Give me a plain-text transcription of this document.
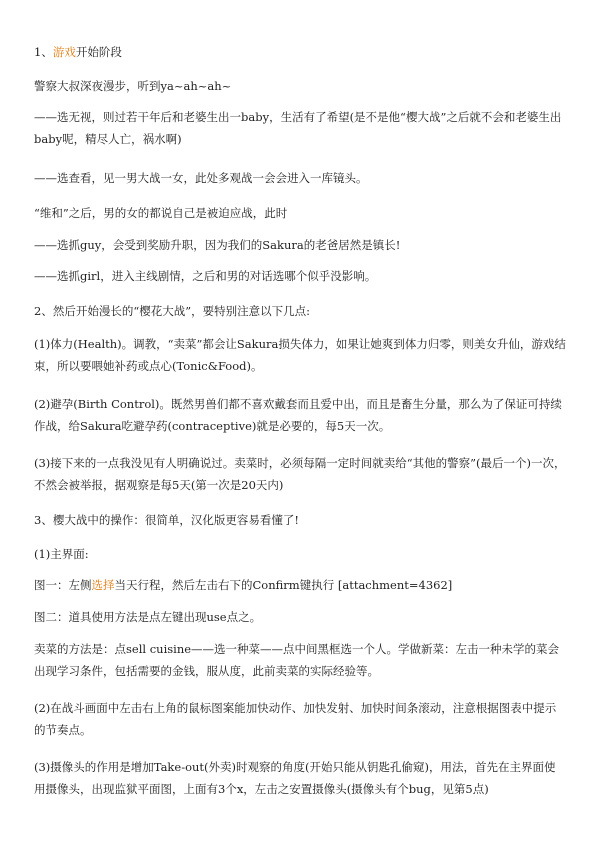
1、游戏开始阶段
警察大叔深夜漫步，听到ya~ah~ah~
——选无视，则过若干年后和老婆生出一baby，生活有了希望(是不是他“樱大战”之后就不会和老婆生出baby呢，精尽人亡，祸水啊)
——选查看，见一男大战一女，此处多观战一会会进入一库镜头。
“维和”之后，男的女的都说自己是被迫应战，此时
——选抓guy，会受到奖励升职，因为我们的Sakura的老爸居然是镇长!
——选抓girl，进入主线剧情，之后和男的对话选哪个似乎没影响。
2、然后开始漫长的“樱花大战”，要特别注意以下几点:
(1)体力(Health)。调教，“卖菜”都会让Sakura损失体力，如果让她爽到体力归零，则美女升仙，游戏结束，所以要喂她补药或点心(Tonic&Food)。
(2)避孕(Birth Control)。既然男兽们都不喜欢戴套而且爱中出，而且是畜生分量，那么为了保证可持续作战，给Sakura吃避孕药(contraceptive)就是必要的，每5天一次。
(3)接下来的一点我没见有人明确说过。卖菜时，必须每隔一定时间就卖给“其他的警察”(最后一个)一次，不然会被举报，据观察是每5天(第一次是20天内)
3、樱大战中的操作：很简单，汉化版更容易看懂了!
(1)主界面:
图一：左侧选择当天行程，然后左击右下的Confirm键执行 [attachment=4362]
图二：道具使用方法是点左键出现use点之。
卖菜的方法是：点sell cuisine——选一种菜——点中间黑框选一个人。学做新菜：左击一种未学的菜会出现学习条件，包括需要的金钱，服从度，此前卖菜的实际经验等。
(2)在战斗画面中左击右上角的鼠标图案能加快动作、加快发射、加快时间条滚动，注意根据图表中提示的节奏点。
(3)摄像头的作用是增加Take-out(外卖)时观察的角度(开始只能从钥匙孔偷窥)，用法，首先在主界面使用摄像头，出现监狱平面图，上面有3个x，左击之安置摄像头(摄像头有个bug，见第5点)
